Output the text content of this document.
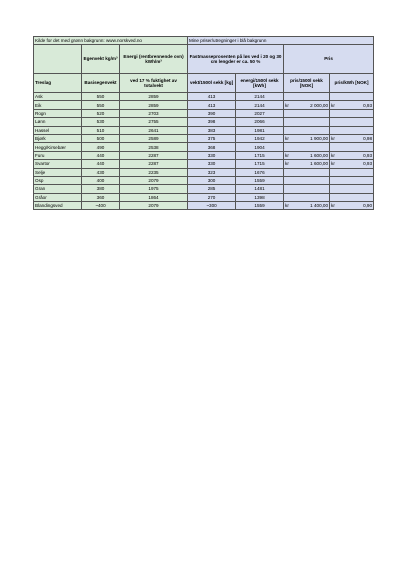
Kilde for det med grønn bakgrunn: www.norskved.no			Mine priser/utregninger i blå bakgrunn			
	Egenvekt kg/m³	Energi (rentbrennende ovn) kWh/m³	Fastmasseprosenten på løs ved i 20 og 30 cm lengder er ca. 50 %		Pris	
Treslag	Basisegenvekt	ved 17 % fuktighet av totalvekt	vekt/1500l sekk [kg]	energi/1500l sekk [kWh]	pris/1500l sekk [NOK]	pris/kWh [NOK]
Ask	550	2859	413	2144	

Eik	550	2859	413	2144	kr 2 000,00	kr 0,93

Rogn	520	2703	390	2027	

Lønn	530	2755	398	2066	

Hassel	510	2641	383	1981	

Bjørk	500	2589	375	1942	kr 1 900,00	kr 0,98

Hegg/Kirsebær	490	2538	368	1904	

Furu	440	2287	330	1715	kr 1 600,00	kr 0,93

Svartor	440	2287	330	1715	kr 1 600,00	kr 0,93

Selje	430	2235	323	1676	

Osp	400	2079	300	1559	

Gran	380	1975	285	1481	

Gråor	360	1864	270	1398	

Blandingsved	~400	2079	~300	1559	kr 1 400,00	kr 0,90
